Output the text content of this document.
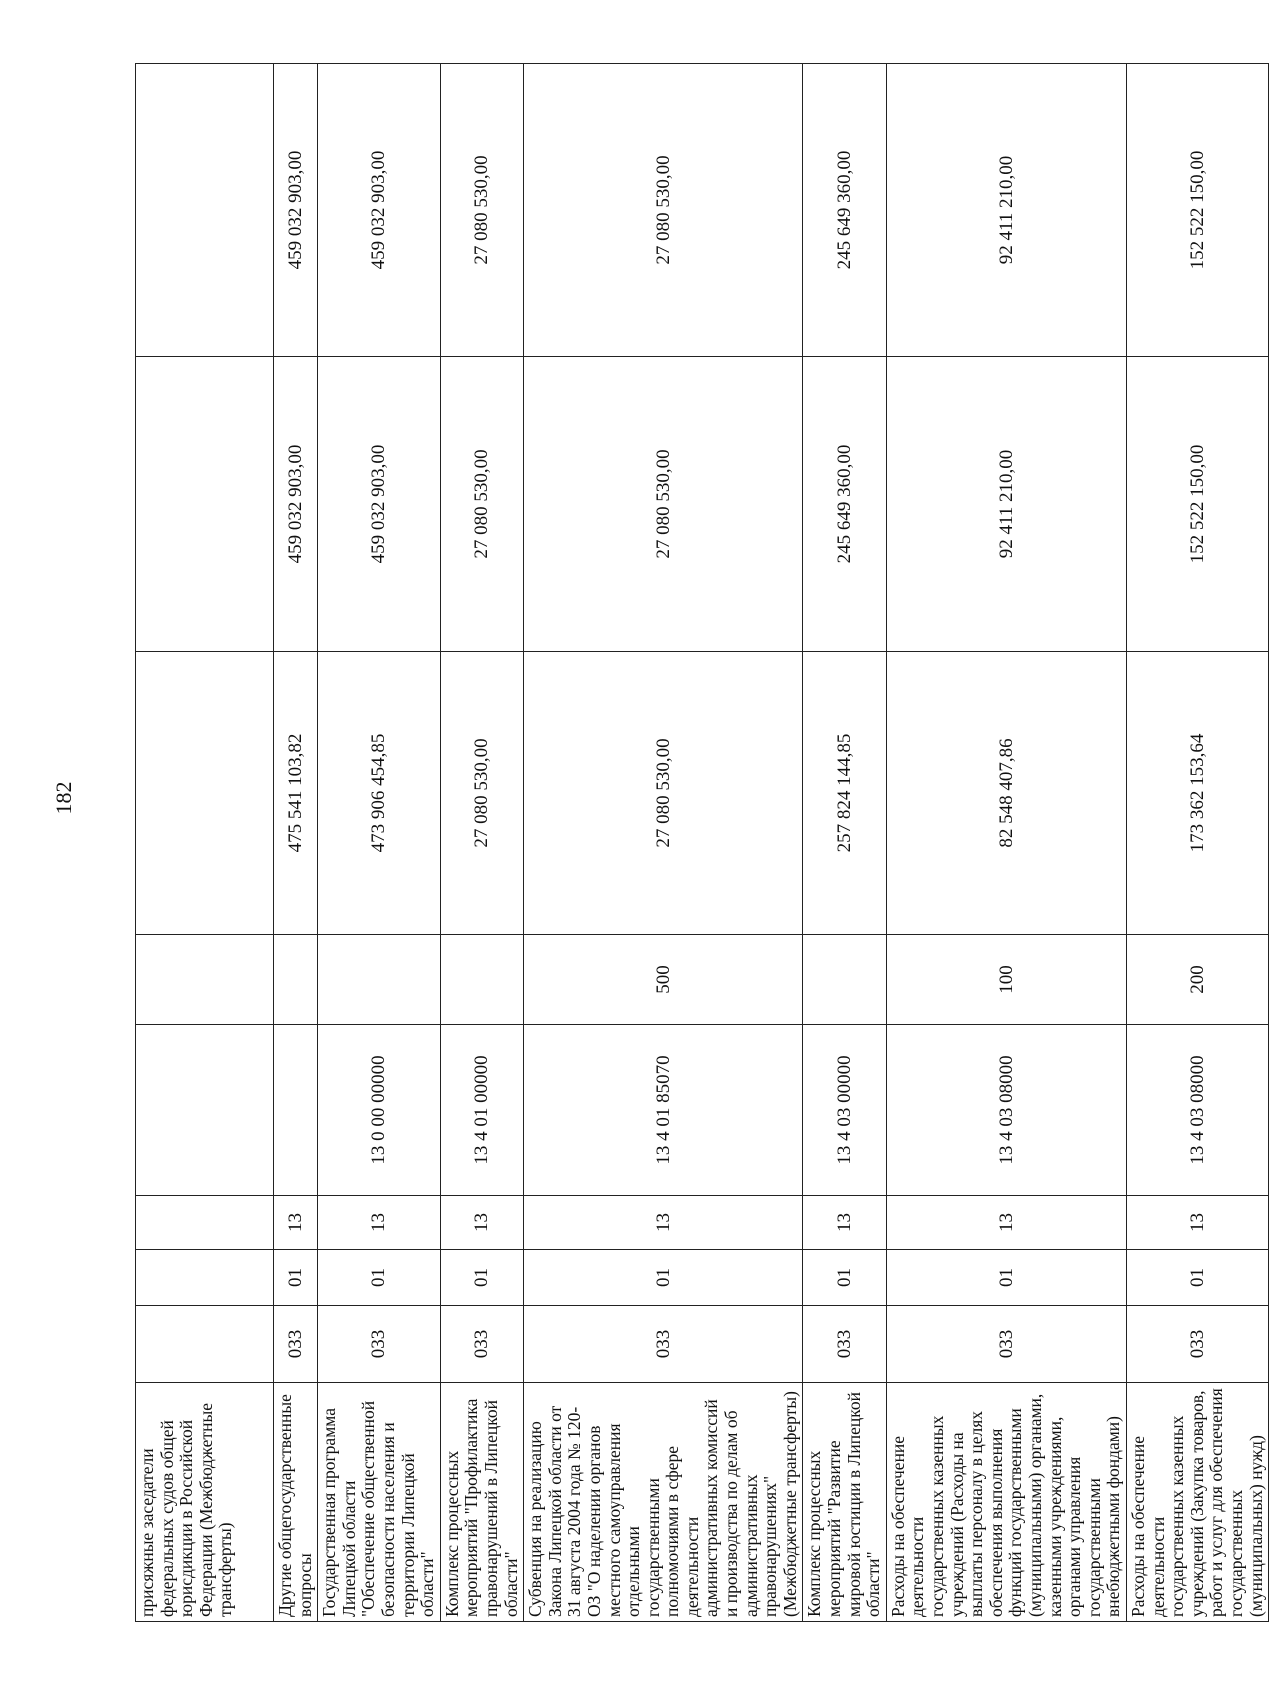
182
присяжные заседатели федеральных судов общей юрисдикции в Российской Федерации (Межбюджетные трансферты)								
Другие общегосударственные вопросы	033	01	13			475 541 103,82	459 032 903,00	459 032 903,00
Государственная программа Липецкой области "Обеспечение общественной безопасности населения и территории Липецкой области"	033	01	13	13 0 00 00000		473 906 454,85	459 032 903,00	459 032 903,00
Комплекс процессных мероприятий "Профилактика правонарушений в Липецкой области"	033	01	13	13 4 01 00000		27 080 530,00	27 080 530,00	27 080 530,00
Субвенция на реализацию Закона Липецкой области от 31 августа 2004 года № 120-ОЗ "О наделении органов местного самоуправления отдельными государственными полномочиями в сфере деятельности административных комиссий и производства по делам об административных правонарушениях" (Межбюджетные трансферты)	033	01	13	13 4 01 85070	500	27 080 530,00	27 080 530,00	27 080 530,00
Комплекс процессных мероприятий "Развитие мировой юстиции в Липецкой области"	033	01	13	13 4 03 00000		257 824 144,85	245 649 360,00	245 649 360,00
Расходы на обеспечение деятельности государственных казенных учреждений (Расходы на выплаты персоналу в целях обеспечения выполнения функций государственными (муниципальными) органами, казенными учреждениями, органами управления государственными внебюджетными фондами)	033	01	13	13 4 03 08000	100	82 548 407,86	92 411 210,00	92 411 210,00
Расходы на обеспечение деятельности государственных казенных учреждений (Закупка товаров, работ и услуг для обеспечения государственных (муниципальных) нужд)	033	01	13	13 4 03 08000	200	173 362 153,64	152 522 150,00	152 522 150,00
